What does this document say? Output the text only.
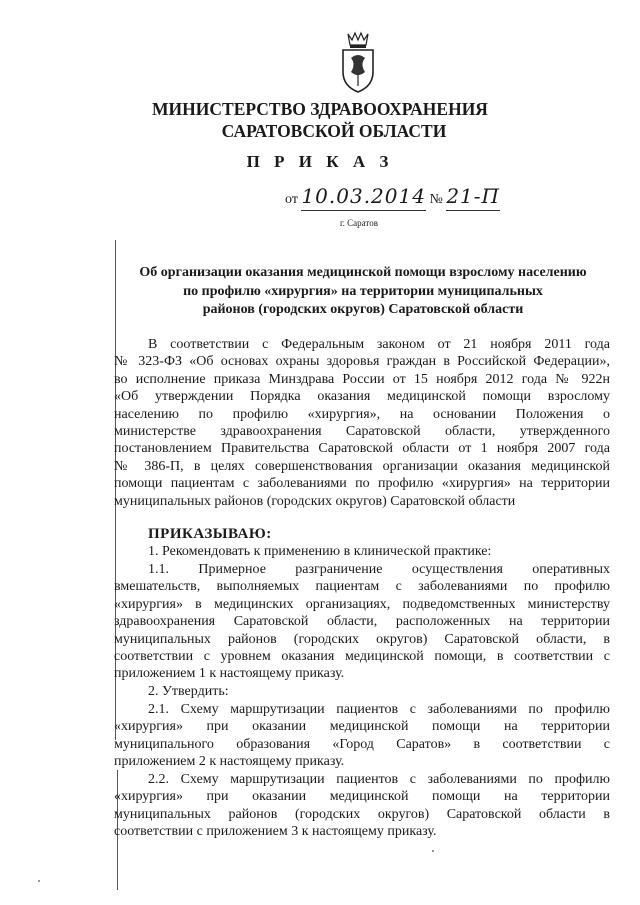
МИНИСТЕРСТВО ЗДРАВООХРАНЕНИЯ
САРАТОВСКОЙ ОБЛАСТИ
П Р И К А З
от 10.03.2014 № 21-П
г. Саратов
Об организации оказания медицинской помощи взрослому населению
по профилю «хирургия» на территории муниципальных
районов (городских округов) Саратовской области
В соответствии с Федеральным законом от 21 ноября 2011 года
№ 323-ФЗ «Об основах охраны здоровья граждан в Российской Федерации»,
во исполнение приказа Минздрава России от 15 ноября 2012 года № 922н
«Об утверждении Порядка оказания медицинской помощи взрослому
населению по профилю «хирургия», на основании Положения о
министерстве здравоохранения Саратовской области, утвержденного
постановлением Правительства Саратовской области от 1 ноября 2007 года
№ 386-П, в целях совершенствования организации оказания медицинской
помощи пациентам с заболеваниями по профилю «хирургия» на территории
муниципальных районов (городских округов) Саратовской области
ПРИКАЗЫВАЮ:
1. Рекомендовать к применению в клинической практике:
1.1. Примерное разграничение осуществления оперативных
вмешательств, выполняемых пациентам с заболеваниями по профилю
«хирургия» в медицинских организациях, подведомственных министерству
здравоохранения Саратовской области, расположенных на территории
муниципальных районов (городских округов) Саратовской области, в
соответствии с уровнем оказания медицинской помощи, в соответствии с
приложением 1 к настоящему приказу.
2. Утвердить:
2.1. Схему маршрутизации пациентов с заболеваниями по профилю
«хирургия» при оказании медицинской помощи на территории
муниципального образования «Город Саратов» в соответствии с
приложением 2 к настоящему приказу.
2.2. Схему маршрутизации пациентов с заболеваниями по профилю
«хирургия» при оказании медицинской помощи на территории
муниципальных районов (городских округов) Саратовской области в
соответствии с приложением 3 к настоящему приказу.
